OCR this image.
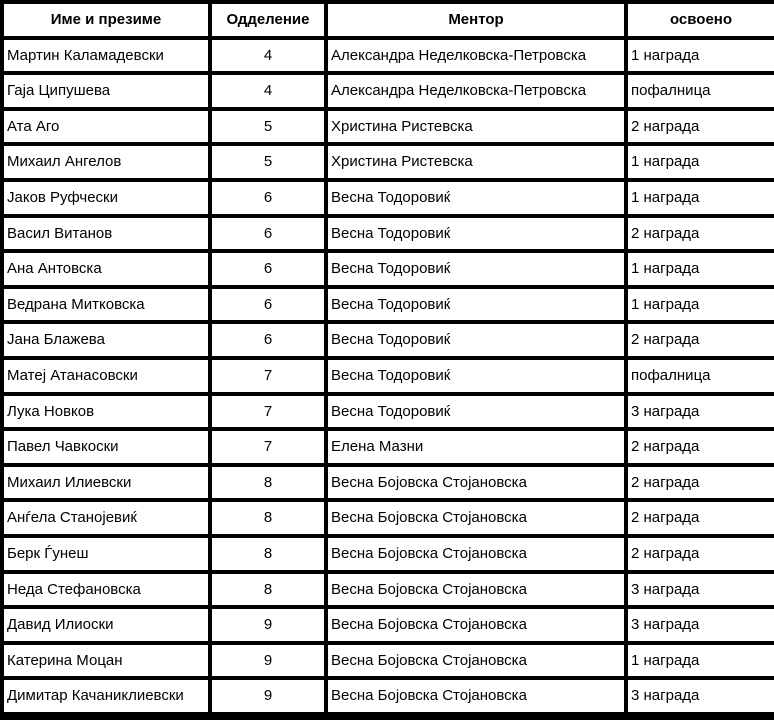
Име и презиме	Одделение	Ментор	освоено
Мартин Каламадевски	4	Александра Неделковска-Петровска	1 награда
Гаја Ципушева	4	Александра Неделковска-Петровска	пофалница
Ата Аго	5	Христина Ристевска	2 награда
Михаил Ангелов	5	Христина Ристевска	1 награда
Јаков Руфчески	6	Весна Тодоровиќ	1 награда
Васил Витанов	6	Весна Тодоровиќ	2 награда
Ана Антовска	6	Весна Тодоровиќ	1 награда
Ведрана Митковска	6	Весна Тодоровиќ	1 награда
Јана Блажева	6	Весна Тодоровиќ	2 награда
Матеј Атанасовски	7	Весна Тодоровиќ	пофалница
Лука Новков	7	Весна Тодоровиќ	3 награда
Павел Чавкоски	7	Елена Мазни	2 награда
Михаил Илиевски	8	Весна Бојовска Стојановска	2 награда
Анѓела Станојевиќ	8	Весна Бојовска Стојановска	2 награда
Берк Ѓунеш	8	Весна Бојовска Стојановска	2 награда
Неда Стефановска	8	Весна Бојовска Стојановска	3 награда
Давид Илиоски	9	Весна Бојовска Стојановска	3 награда
Катерина Моцан	9	Весна Бојовска Стојановска	1 награда
Димитар Качаниклиевски	9	Весна Бојовска Стојановска	3 награда
